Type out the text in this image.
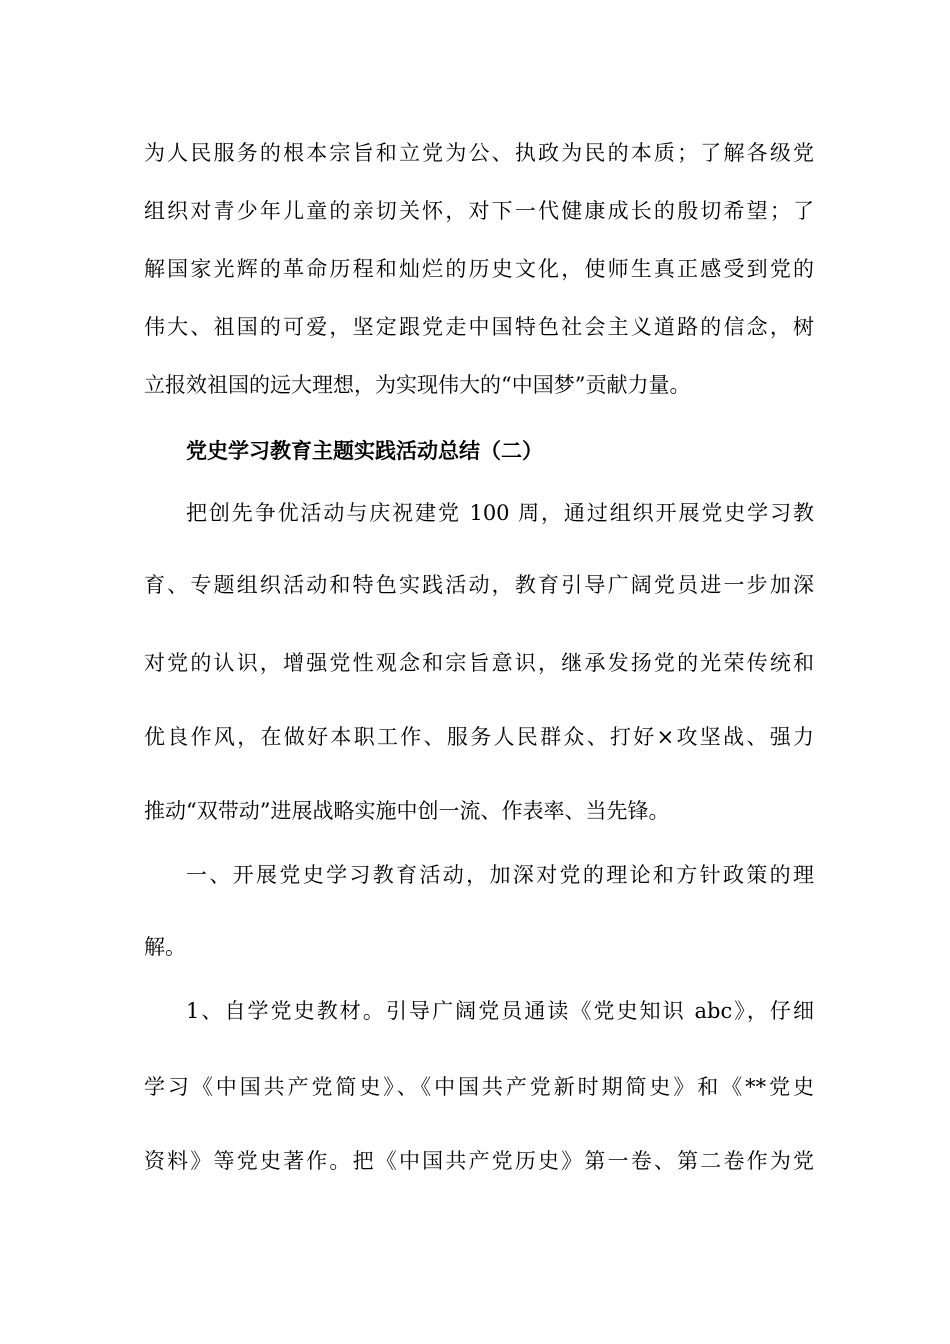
为人民服务的根本宗旨和立党为公、执政为民的本质；了解各级党
组织对青少年儿童的亲切关怀，对下一代健康成长的殷切希望；了
解国家光辉的革命历程和灿烂的历史文化，使师生真正感受到党的
伟大、祖国的可爱，坚定跟党走中国特色社会主义道路的信念，树
立报效祖国的远大理想，为实现伟大的“中国梦”贡献力量。
党史学习教育主题实践活动总结（二）
把创先争优活动与庆祝建党 100 周，通过组织开展党史学习教
育、专题组织活动和特色实践活动，教育引导广阔党员进一步加深
对党的认识，增强党性观念和宗旨意识，继承发扬党的光荣传统和
优良作风，在做好本职工作、服务人民群众、打好×攻坚战、强力
推动“双带动”进展战略实施中创一流、作表率、当先锋。
一、开展党史学习教育活动，加深对党的理论和方针政策的理
解。
1、自学党史教材。引导广阔党员通读《党史知识 abc》，仔细
学习《中国共产党简史》、《中国共产党新时期简史》和《**党史
资料》等党史著作。把《中国共产党历史》第一卷、第二卷作为党
